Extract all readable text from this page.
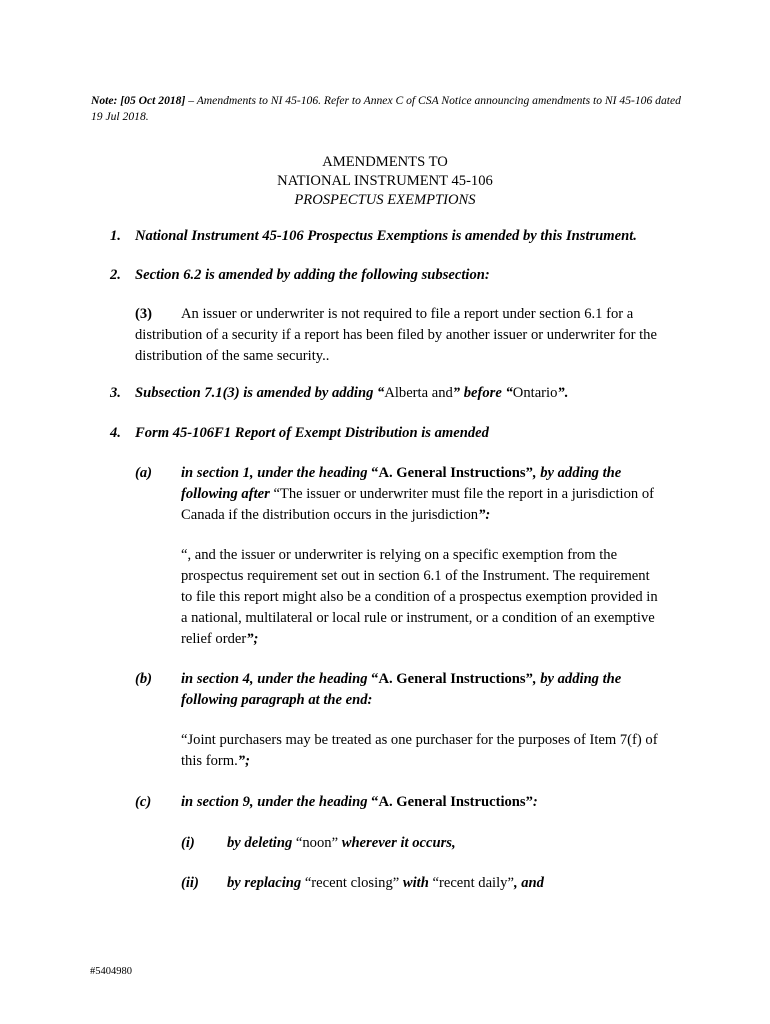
Note: [05 Oct 2018] – Amendments to NI 45-106. Refer to Annex C of CSA Notice announcing amendments to NI 45-106 dated 19 Jul 2018.
AMENDMENTS TO
NATIONAL INSTRUMENT 45-106
PROSPECTUS EXEMPTIONS
1. National Instrument 45-106 Prospectus Exemptions is amended by this Instrument.
2. Section 6.2 is amended by adding the following subsection:
(3) An issuer or underwriter is not required to file a report under section 6.1 for a
distribution of a security if a report has been filed by another issuer or underwriter for the
distribution of the same security..
3. Subsection 7.1(3) is amended by adding “Alberta and” before “Ontario”.
4. Form 45-106F1 Report of Exempt Distribution is amended
(a) in section 1, under the heading “A. General Instructions”, by adding the
following after “The issuer or underwriter must file the report in a jurisdiction of
Canada if the distribution occurs in the jurisdiction”:
“, and the issuer or underwriter is relying on a specific exemption from the
prospectus requirement set out in section 6.1 of the Instrument. The requirement
to file this report might also be a condition of a prospectus exemption provided in
a national, multilateral or local rule or instrument, or a condition of an exemptive
relief order”;
(b) in section 4, under the heading “A. General Instructions”, by adding the
following paragraph at the end:
“Joint purchasers may be treated as one purchaser for the purposes of Item 7(f) of
this form.”;
(c) in section 9, under the heading “A. General Instructions”:
(i) by deleting “noon” wherever it occurs,
(ii) by replacing “recent closing” with “recent daily”, and
#5404980
